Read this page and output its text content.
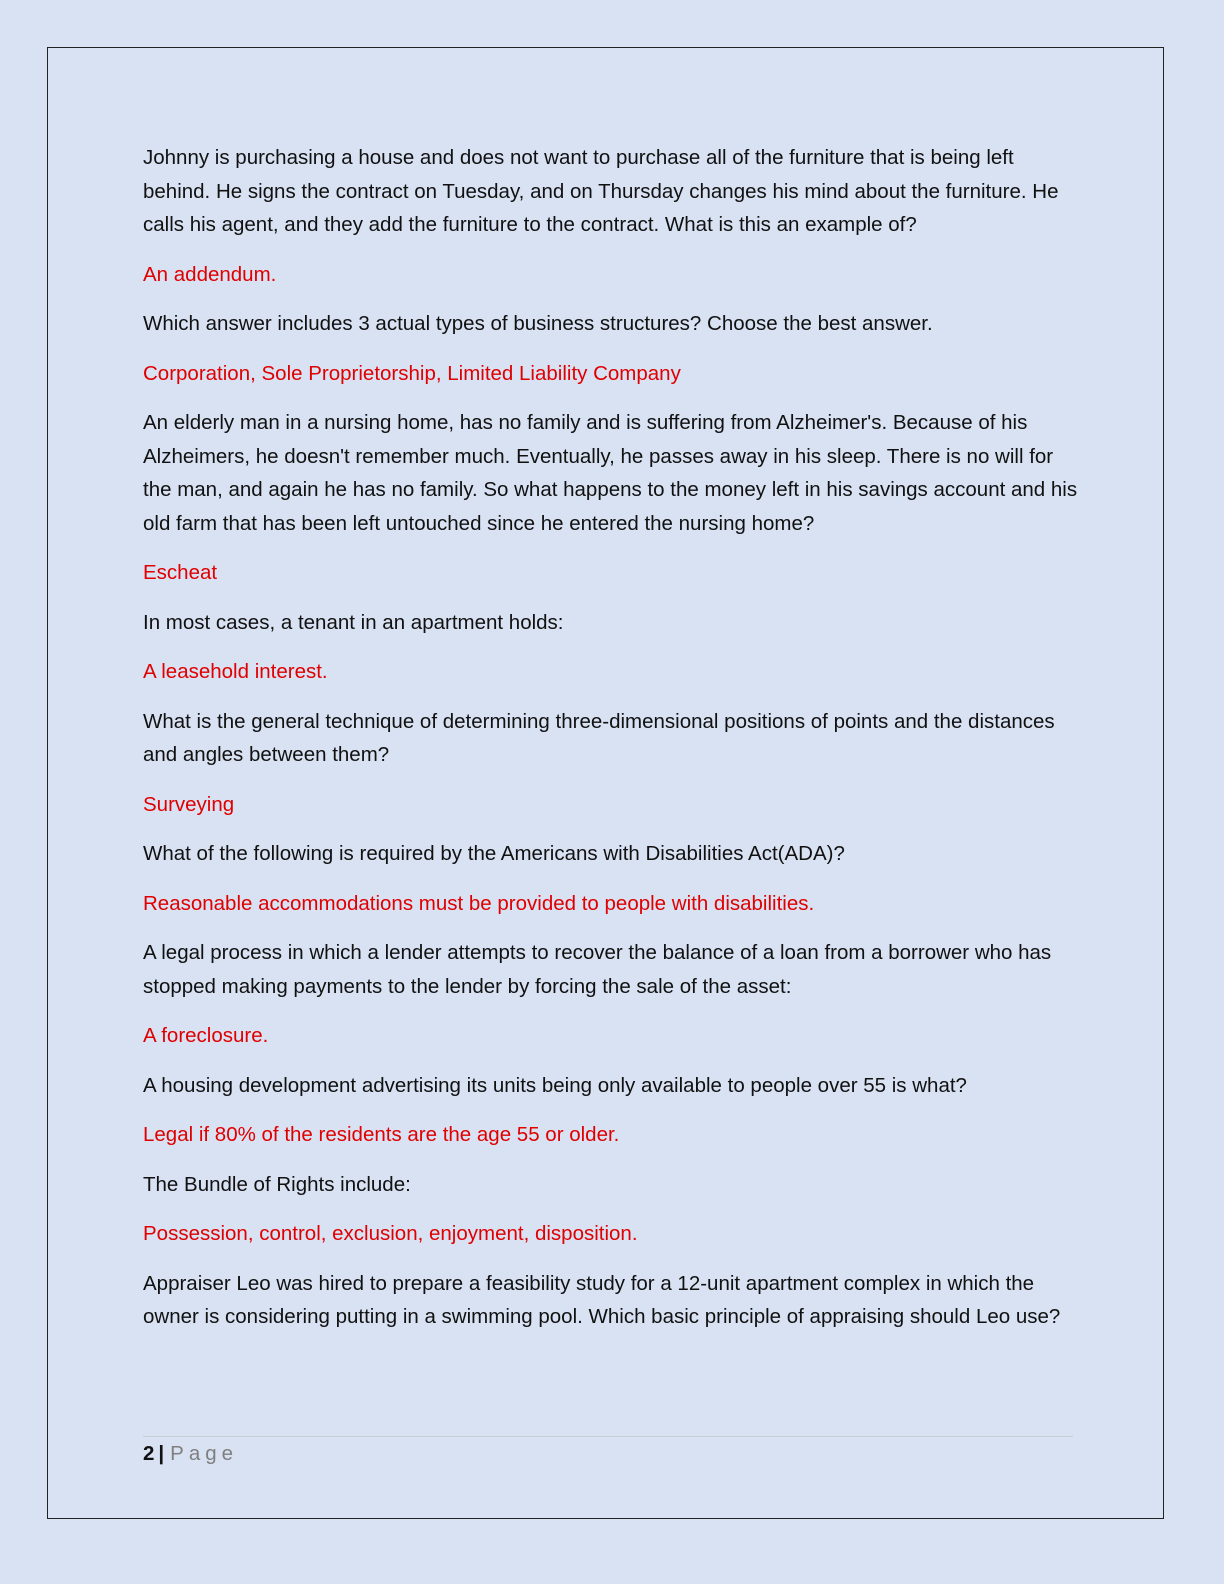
Johnny is purchasing a house and does not want to purchase all of the furniture that is being left behind. He signs the contract on Tuesday, and on Thursday changes his mind about the furniture. He calls his agent, and they add the furniture to the contract. What is this an example of?

An addendum.

Which answer includes 3 actual types of business structures? Choose the best answer.

Corporation, Sole Proprietorship, Limited Liability Company

An elderly man in a nursing home, has no family and is suffering from Alzheimer's. Because of his Alzheimers, he doesn't remember much. Eventually, he passes away in his sleep. There is no will for the man, and again he has no family. So what happens to the money left in his savings account and his old farm that has been left untouched since he entered the nursing home?

Escheat

In most cases, a tenant in an apartment holds:

A leasehold interest.

What is the general technique of determining three-dimensional positions of points and the distances and angles between them?

Surveying

What of the following is required by the Americans with Disabilities Act(ADA)?

Reasonable accommodations must be provided to people with disabilities.

A legal process in which a lender attempts to recover the balance of a loan from a borrower who has stopped making payments to the lender by forcing the sale of the asset:

A foreclosure.

A housing development advertising its units being only available to people over 55 is what?

Legal if 80% of the residents are the age 55 or older.

The Bundle of Rights include:

Possession, control, exclusion, enjoyment, disposition.

Appraiser Leo was hired to prepare a feasibility study for a 12-unit apartment complex in which the owner is considering putting in a swimming pool. Which basic principle of appraising should Leo use?

2 | Page
